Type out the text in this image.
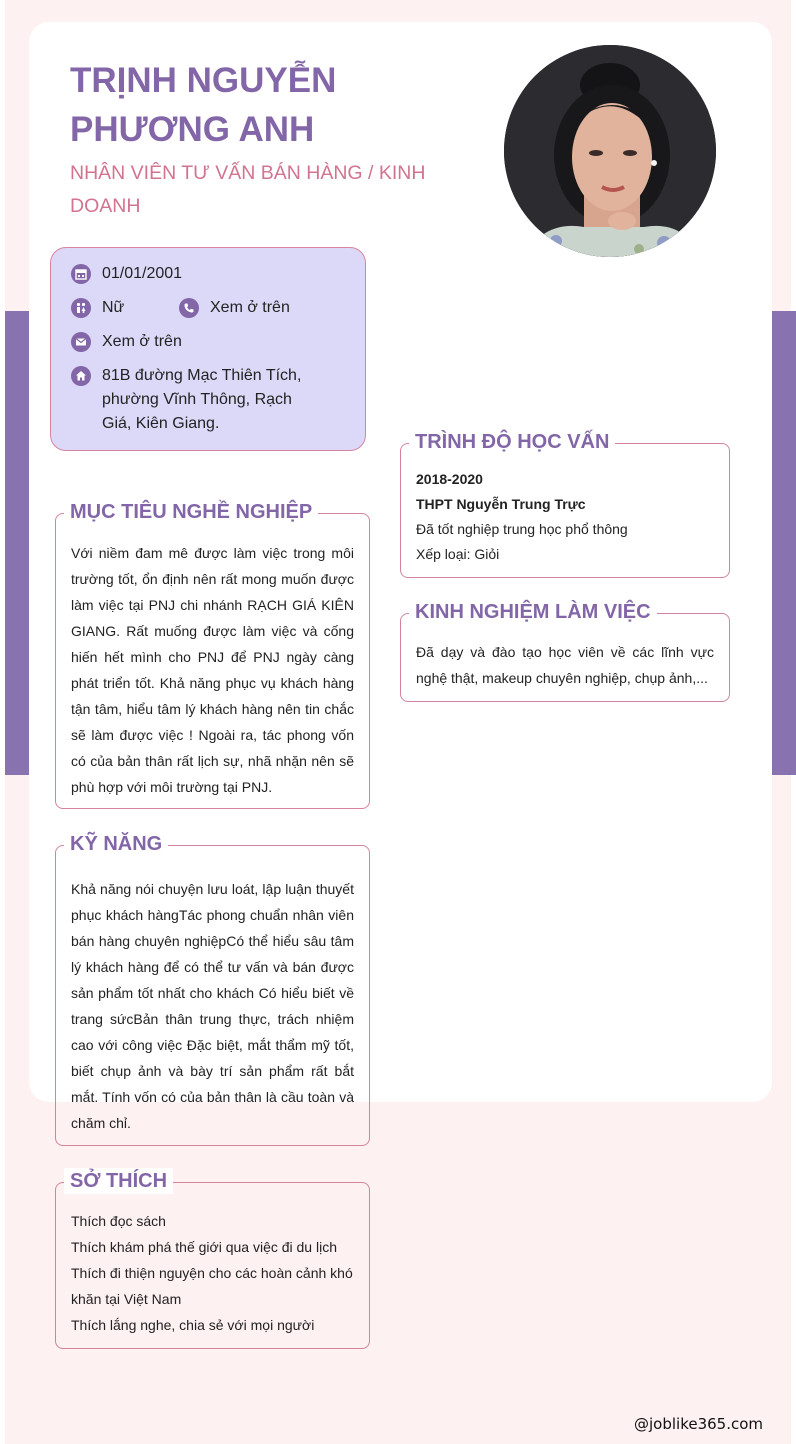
TRỊNH NGUYỄN PHƯƠNG ANH
NHÂN VIÊN TƯ VẤN BÁN HÀNG / KINH DOANH
01/01/2001
Nữ	Xem ở trên
Xem ở trên
81B đường Mạc Thiên Tích, phường Vĩnh Thông, Rạch Giá, Kiên Giang.
MỤC TIÊU NGHỀ NGHIỆP

Với niềm đam mê được làm việc trong môi trường tốt, ổn định nên rất mong muốn được làm việc tại PNJ chi nhánh RẠCH GIÁ KIÊN GIANG. Rất muống được làm việc và cống hiến hết mình cho PNJ để PNJ ngày càng phát triển tốt. Khả năng phục vụ khách hàng tận tâm, hiểu tâm lý khách hàng nên tin chắc sẽ làm được việc ! Ngoài ra, tác phong vốn có của bản thân rất lịch sự, nhã nhặn nên sẽ phù hợp với môi trường tại PNJ.

KỸ NĂNG

Khả năng nói chuyện lưu loát, lập luận thuyết phục khách hàngTác phong chuẩn nhân viên bán hàng chuyên nghiệpCó thể hiểu sâu tâm lý khách hàng để có thể tư vấn và bán được sản phẩm tốt nhất cho khách Có hiểu biết về trang sứcBản thân trung thực, trách nhiệm cao với công việc Đặc biệt, mắt thẩm mỹ tốt, biết chụp ảnh và bày trí sản phẩm rất bắt mắt. Tính vốn có của bản thân là cầu toàn và chăm chỉ.

SỞ THÍCH
Thích đọc sách
Thích khám phá thế giới qua việc đi du lịch
Thích đi thiện nguyện cho các hoàn cảnh khó khăn tại Việt Nam
Thích lắng nghe, chia sẻ với mọi người
TRÌNH ĐỘ HỌC VẤN
2018-2020
THPT Nguyễn Trung Trực
Đã tốt nghiệp trung học phổ thông
Xếp loại: Giỏi
KINH NGHIỆM LÀM VIỆC

Đã dạy và đào tạo học viên về các lĩnh vực nghệ thật, makeup chuyên nghiệp, chụp ảnh,...

@joblike365.com
